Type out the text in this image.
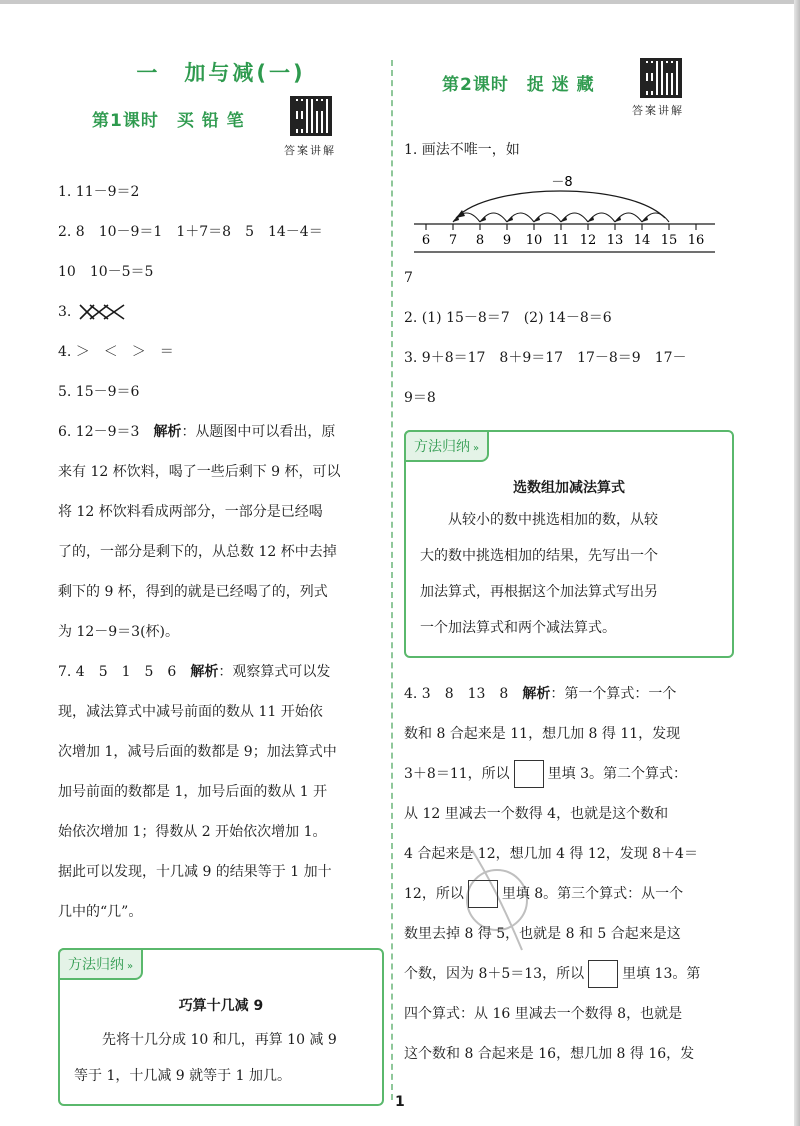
一　加与减(一)
第1课时　买 铅 笔
答案讲解
1. 11－9＝2
2. 8　10－9＝1　1＋7＝8　5　14－4＝
10　10－5＝5
3.
4. ＞　＜　＞　＝
5. 15－9＝6
6. 12－9＝3　 解析：从题图中可以看出，原
来有 12 杯饮料，喝了一些后剩下 9 杯，可以
将 12 杯饮料看成两部分，一部分是已经喝
了的，一部分是剩下的，从总数 12 杯中去掉
剩下的 9 杯，得到的就是已经喝了的，列式
为 12－9＝3(杯)。
7. 4　5　1　5　6　 解析：观察算式可以发
现，减法算式中减号前面的数从 11 开始依
次增加 1，减号后面的数都是 9；加法算式中
加号前面的数都是 1，加号后面的数从 1 开
始依次增加 1；得数从 2 开始依次增加 1。
据此可以发现，十几减 9 的结果等于 1 加十
几中的“几”。
方法归纳 »
巧算十几减 9
先将十几分成 10 和几，再算 10 减 9
等于 1，十几减 9 就等于 1 加几。
第2课时　捉 迷 藏
答案讲解
1. 画法不唯一，如
－8
6 7 8 9 10 11 12 13 14 15 16
7
2. (1) 15－8＝7　(2) 14－8＝6
3. 9＋8＝17　8＋9＝17　17－8＝9　17－
9＝8
方法归纳 »
选数组加减法算式
从较小的数中挑选相加的数，从较
大的数中挑选相加的结果，先写出一个
加法算式，再根据这个加法算式写出另
一个加法算式和两个减法算式。
4. 3　8　13　8　 解析：第一个算式：一个
数和 8 合起来是 11，想几加 8 得 11，发现
3＋8＝11，所以	里填 3。第二个算式：
从 12 里减去一个数得 4，也就是这个数和
4 合起来是 12，想几加 4 得 12，发现 8＋4＝
12，所以	里填 8。第三个算式：从一个
数里去掉 8 得 5，也就是 8 和 5 合起来是这
个数，因为 8＋5＝13，所以	里填 13。第
四个算式：从 16 里减去一个数得 8，也就是
这个数和 8 合起来是 16，想几加 8 得 16，发
1
